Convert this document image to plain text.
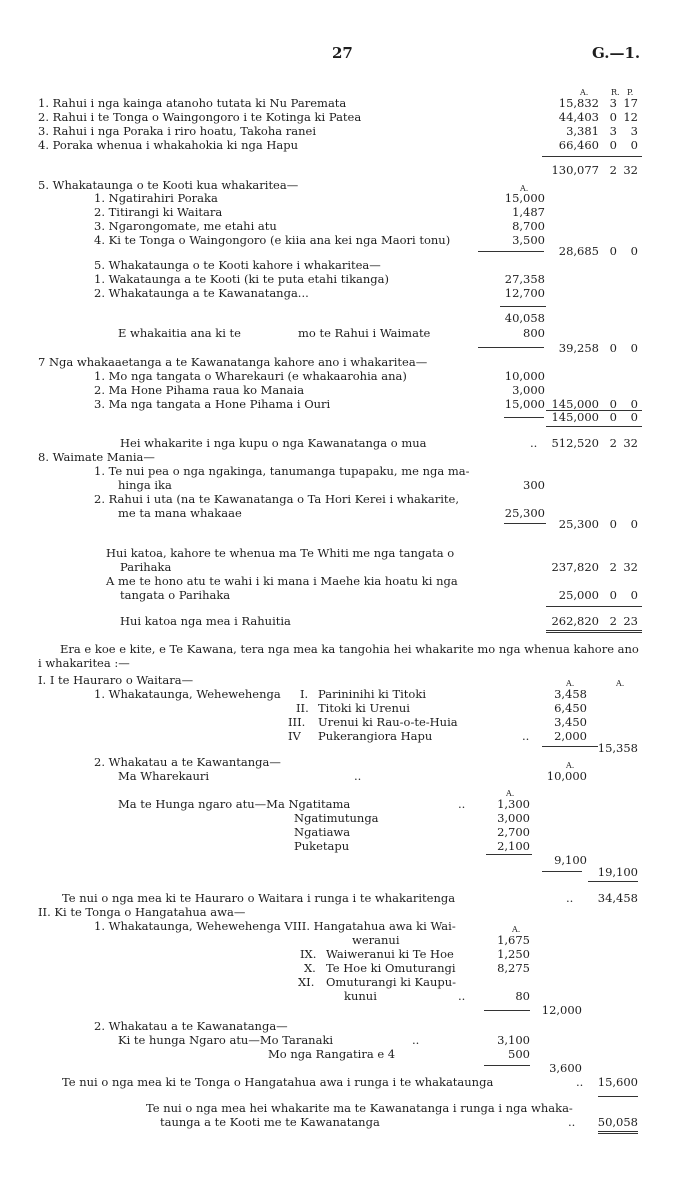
27	G.—1.
A.	R. P.
1. Rahui i nga kainga atanoho tutata ki Nu Paremata	15,832 3 17
2. Rahui i te Tonga o Waingongoro i te Kotinga ki Patea	44,403 0 12
3. Rahui i nga Poraka i riro hoatu, Takoha ranei	3,381 3 3
4. Poraka whenua i whakahokia ki nga Hapu	66,460 0 0
130,077 2 32
5. Whakataunga o te Kooti kua whakaritea—	A.
1. Ngatirahiri Poraka	15,000
2. Titirangi ki Waitara	1,487
3. Ngarongomate, me etahi atu	8,700
4. Ki te Tonga o Waingongoro (e kiia ana kei nga Maori tonu)	3,500
28,685 0 0
5. Whakataunga o te Kooti kahore i whakaritea—
1. Wakataunga a te Kooti (ki te puta etahi tikanga)	27,358
2. Whakataunga a te Kawanatanga...	12,700
40,058
E whakaitia ana ki te	mo te Rahui i Waimate	800
39,258 0 0
7 Nga whakaaetanga a te Kawanatanga kahore ano i whakaritea—
1. Mo nga tangata o Wharekauri (e whakaarohia ana)	10,000
2. Ma Hone Pihama raua ko Manaia	3,000
3. Ma nga tangata a Hone Pihama i Ouri	15,000 145,000 0 0
145,000 0 0
Hei whakarite i nga kupu o nga Kawanatanga o mua	.. 512,520 2 32
8. Waimate Mania—
1. Te nui pea o nga ngakinga, tanumanga tupapaku, me nga ma-
hinga ika	300
2. Rahui i uta (na te Kawanatanga o Ta Hori Kerei i whakarite,
me ta mana whakaae	25,300
25,300 0 0
Hui katoa, kahore te whenua ma Te Whiti me nga tangata o
Parihaka	237,820 2 32
A me te hono atu te wahi i ki mana i Maehe kia hoatu ki nga
tangata o Parihaka	25,000 0 0
Hui katoa nga mea i Rahuitia	262,820 2 23
Era e koe e kite, e Te Kawana, tera nga mea ka tangohia hei whakarite mo nga whenua kahore ano
i whakaritea :—
I. I te Hauraro o Waitara—	A.	A.
1. Whakataunga, Wehewehenga I. Parininihi ki Titoki	3,458
II. Titoki ki Urenui	6,450
III. Urenui ki Rau-o-te-Huia	3,450
IV Pukerangiora Hapu	.. 2,000
15,358
2. Whakatau a te Kawantanga—	A.
Ma Wharekauri	..	10,000
A.
Ma te Hunga ngaro atu—Ma Ngatitama	..	1,300
Ngatimutunga	3,000
Ngatiawa	2,700
Puketapu	2,100
9,100
19,100
Te nui o nga mea ki te Hauraro o Waitara i runga i te whakaritenga	.. 34,458
II. Ki te Tonga o Hangatahua awa—
1. Whakataunga, Wehewehenga VIII. Hangatahua awa ki Wai-	A.
weranui	1,675
IX. Waiweranui ki Te Hoe	1,250
X. Te Hoe ki Omuturangi	8,275
XI. Omuturangi ki Kaupu-
kunui	..	80
12,000
2. Whakatau a te Kawanatanga—
Ki te hunga Ngaro atu—Mo Taranaki	..	3,100
Mo nga Rangatira e 4	500
3,600
Te nui o nga mea ki te Tonga o Hangatahua awa i runga i te whakataunga	.. 15,600
Te nui o nga mea hei whakarite ma te Kawanatanga i runga i nga whaka-
taunga a te Kooti me te Kawanatanga	.. 50,058
